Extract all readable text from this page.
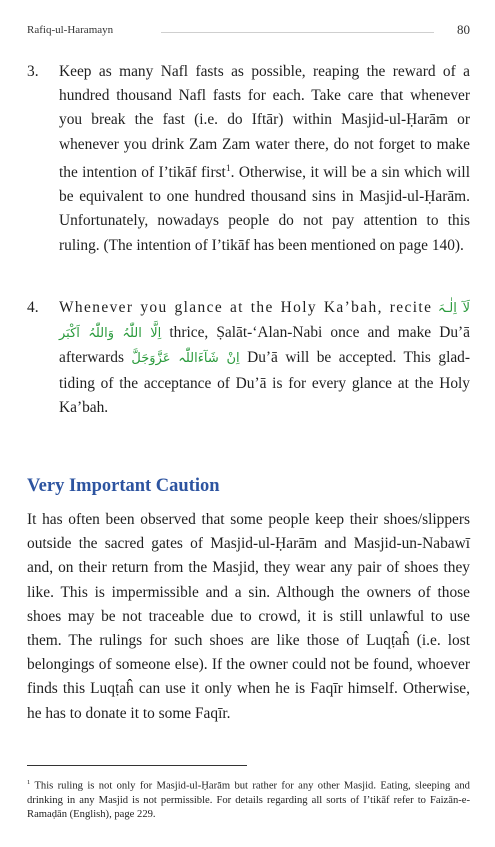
Rafiq-ul-Haramayn	80
3.	Keep as many Nafl fasts as possible, reaping the reward of a hundred thousand Nafl fasts for each. Take care that whenever you break the fast (i.e. do Iftār) within Masjid-ul-Ḥarām or whenever you drink Zam Zam water there, do not forget to make the intention of I’tikāf first$^1$. Otherwise, it will be a sin which will be equivalent to one hundred thousand sins in Masjid-ul-Ḥarām. Unfortunately, nowadays people do not pay attention to this ruling. (The intention of I’tikāf has been mentioned on page 140).
4.	Whenever you glance at the Holy Ka’bah, recite لَآ اِلٰـہَ اِلَّا اللّٰہُ وَاللّٰہُ اَکْبَر thrice, Ṣalāt-‘Alan-Nabi once and make Du’ā afterwards اِنْ شَآءَاللّٰہ عَزَّوَجَلَّ Du’ā will be accepted. This glad-tiding of the acceptance of Du’ā is for every glance at the Holy Ka’bah.
Very Important Caution
It has often been observed that some people keep their shoes/slippers outside the sacred gates of Masjid-ul-Ḥarām and Masjid-un-Nabawī and, on their return from the Masjid, they wear any pair of shoes they like. This is impermissible and a sin. Although the owners of those shoes may be not traceable due to crowd, it is still unlawful to use them. The rulings for such shoes are like those of Luqṭaĥ (i.e. lost belongings of someone else). If the owner could not be found, whoever finds this Luqṭaĥ can use it only when he is Faqīr himself. Otherwise, he has to donate it to some Faqīr.
$^1$ This ruling is not only for Masjid-ul-Ḥarām but rather for any other Masjid. Eating, sleeping and drinking in any Masjid is not permissible. For details regarding all sorts of I’tikāf refer to Faizān-e-Ramaḍān (English), page 229.
